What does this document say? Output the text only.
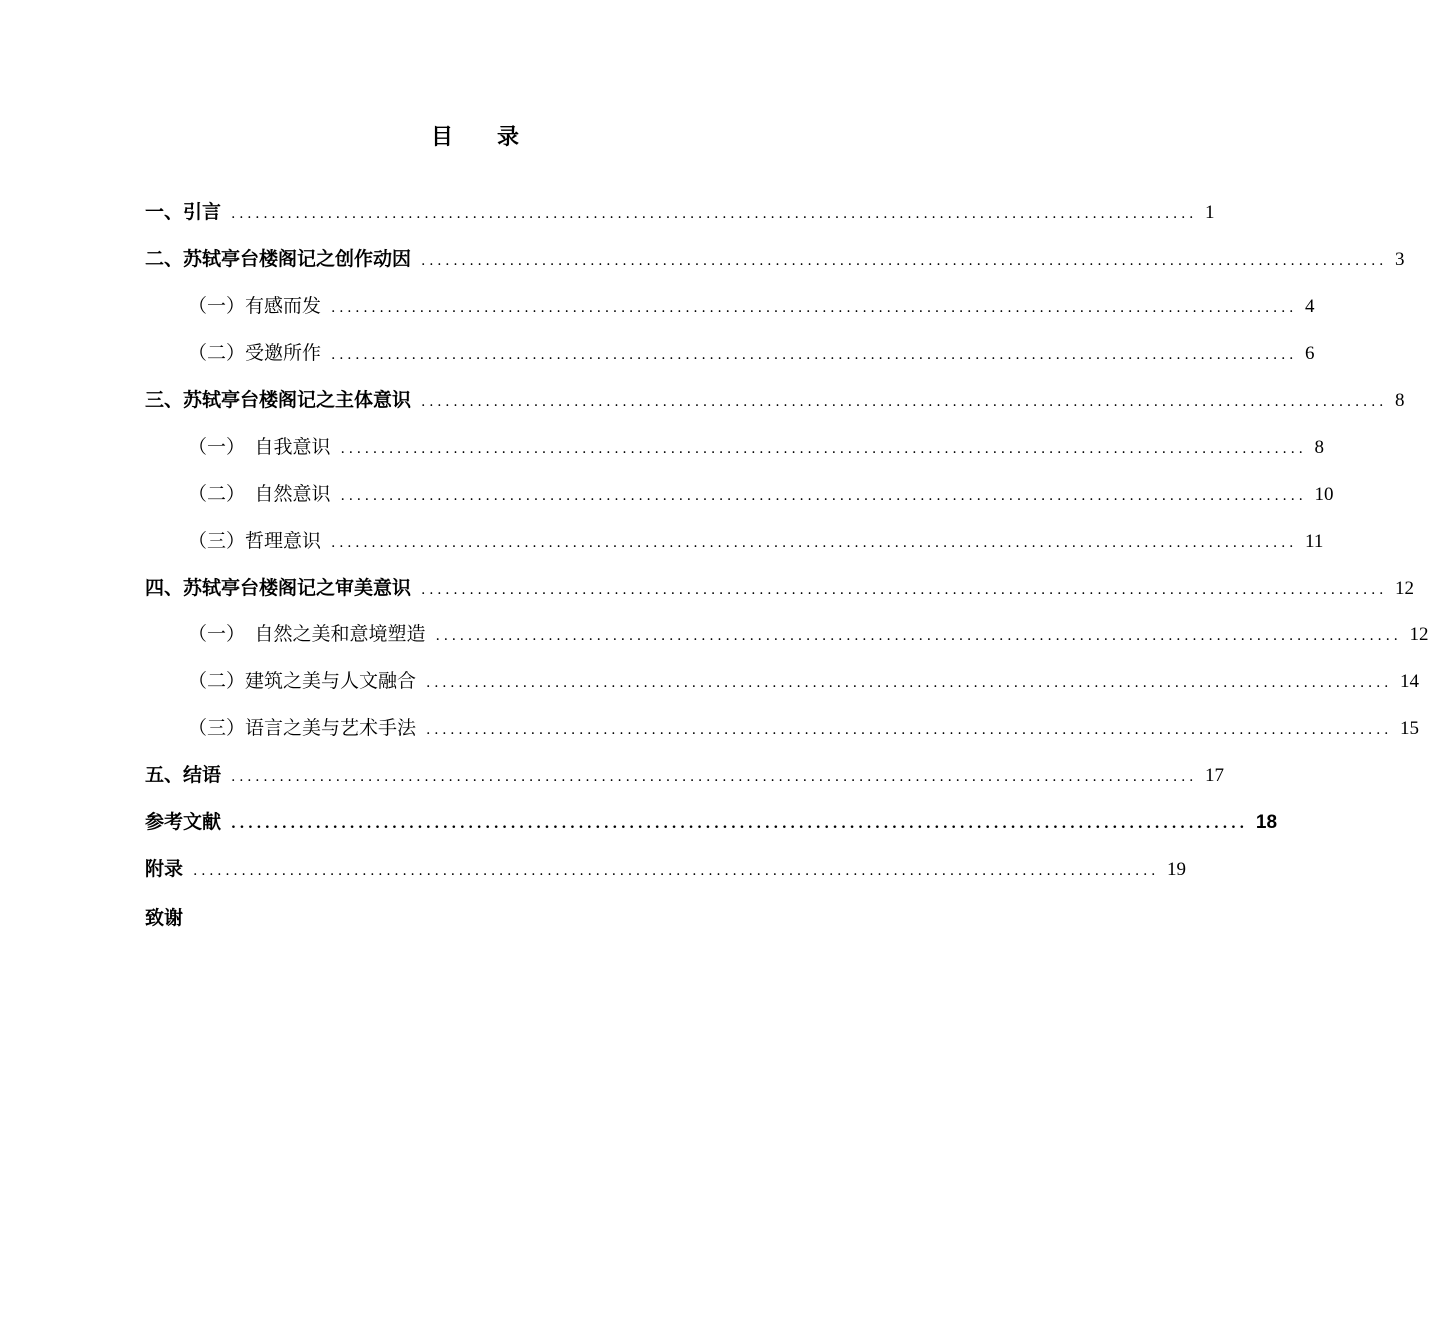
目 录
一、引言 ........................................................................................................................ 1
二、苏轼亭台楼阁记之创作动因 ........................................................................................................................ 3
（一）有感而发 ........................................................................................................................ 4
（二）受邀所作 ........................................................................................................................ 6
三、苏轼亭台楼阁记之主体意识 ........................................................................................................................ 8
（一）　自我意识 ........................................................................................................................ 8
（二）　自然意识 ........................................................................................................................ 10
（三）哲理意识 ........................................................................................................................ 11
四、苏轼亭台楼阁记之审美意识 ........................................................................................................................ 12
（一）　自然之美和意境塑造 ........................................................................................................................ 12
（二）建筑之美与人文融合 ........................................................................................................................ 14
（三）语言之美与艺术手法 ........................................................................................................................ 15
五、结语 ........................................................................................................................ 17
参考文献 ........................................................................................................................ 18
附录 ........................................................................................................................ 19
致谢
